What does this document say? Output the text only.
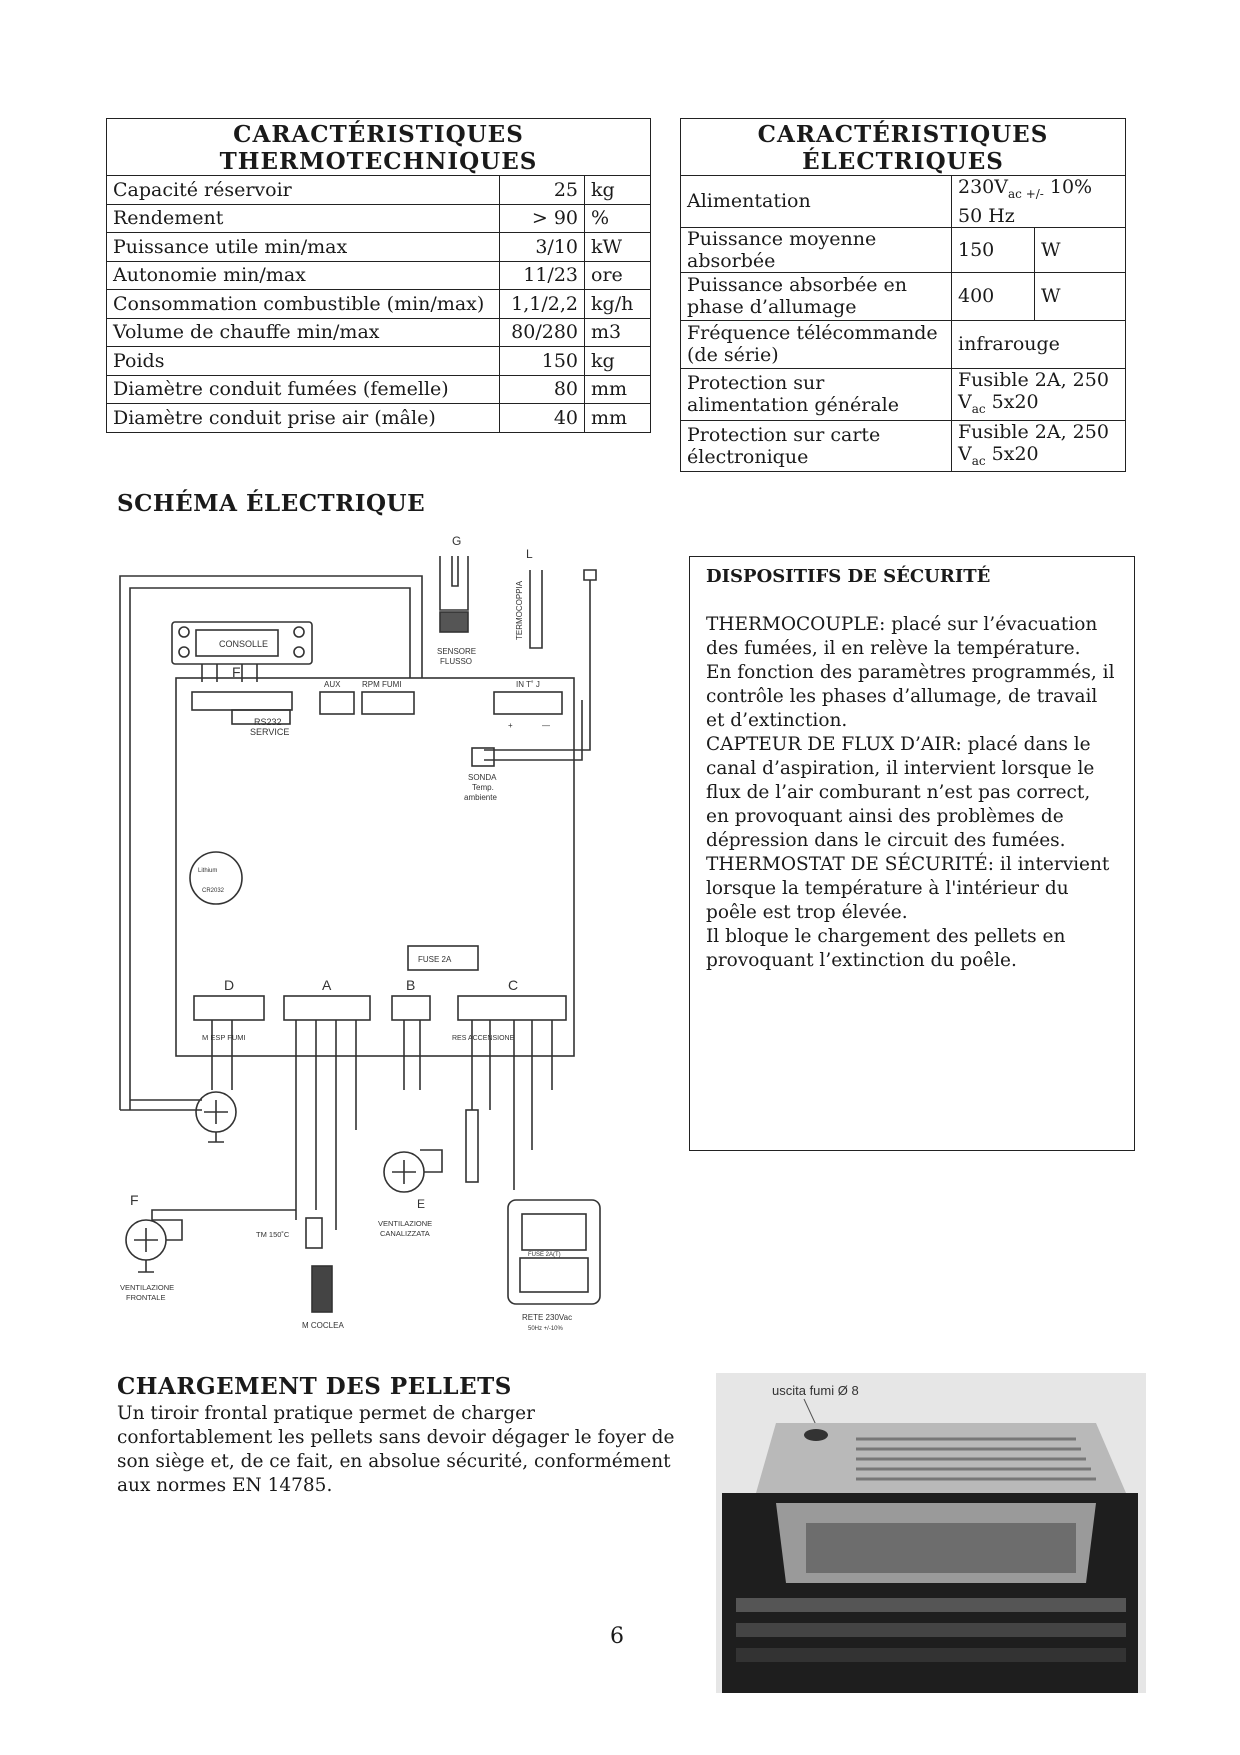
CARACTÉRISTIQUES
THERMOTECHNIQUES		
Capacité réservoir	25	kg
Rendement	> 90	%
Puissance utile min/max	3/10	kW
Autonomie min/max	11/23	ore
Consommation combustible (min/max)	1,1/2,2	kg/h
Volume de chauffe min/max	80/280	m3
Poids	150	kg
Diamètre conduit fumées (femelle)	80	mm
Diamètre conduit prise air (mâle)	40	mm
CARACTÉRISTIQUES
ÉLECTRIQUES		
Alimentation	$230V_{ac +/-}$ 10% 50 Hz	
Puissance moyenne absorbée	150	W
Puissance absorbée en phase d’allumage	400	W
Fréquence télécommande (de série)	infrarouge	
Protection sur alimentation générale	Fusible 2A, 250
$V_{ac}$ 5x20	
Protection sur carte électronique	Fusible 2A, 250
$V_{ac}$ 5x20	
SCHÉMA ÉLECTRIQUE
CONSOLLE
F
RS232
SERVICE
AUX	RPM FUMI
G
SENSORE
FLUSSO
L
TERMOCOPPIA
IN T˚ J
+	—
SONDA
Temp.
ambiente
Lithium
CR2032
FUSE 2A
D	A	B	C
M ESP FUMI	RES ACCENSIONE
E
VENTILAZIONE
CANALIZZATA
F
VENTILAZIONE
FRONTALE
TM 150˚C
M COCLEA
FUSE 2A(T)
RETE 230Vac
50Hz +/-10%
DISPOSITIFS DE SÉCURITÉ

THERMOCOUPLE: placé sur l’évacuation des fumées, il en relève la température.

En fonction des paramètres programmés, il contrôle les phases d’allumage, de travail et d’extinction.

CAPTEUR DE FLUX D’AIR: placé dans le canal d’aspiration, il intervient lorsque le flux de l’air comburant n’est pas correct, en provoquant ainsi des problèmes de dépression dans le circuit des fumées.

THERMOSTAT DE SÉCURITÉ: il intervient lorsque la température à l'intérieur du poêle est trop élevée.

Il bloque le chargement des pellets en provoquant l’extinction du poêle.

CHARGEMENT DES PELLETS

Un tiroir frontal pratique permet de charger confortablement les pellets sans devoir dégager le foyer de son siège et, de ce fait, en absolue sécurité, conformément aux normes EN 14785.

uscita fumi Ø 8
6
